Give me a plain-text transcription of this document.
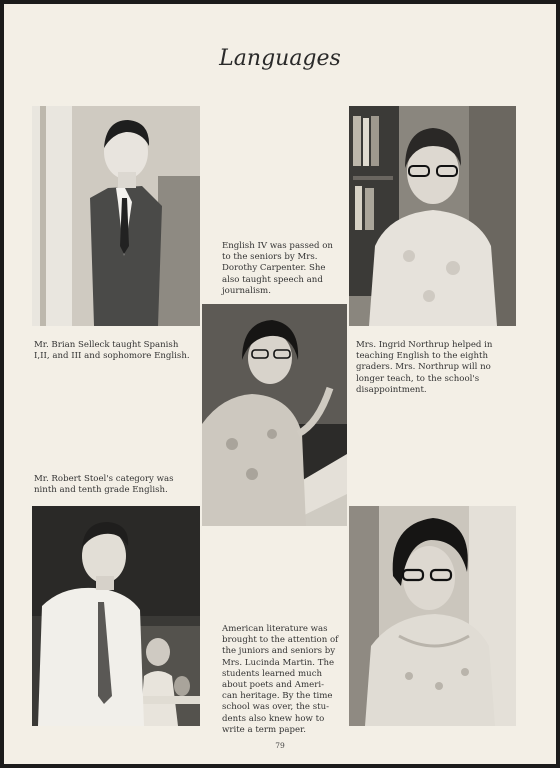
Languages

English IV was passed on
to the seniors by Mrs.
Dorothy Carpenter. She
also taught speech and
journalism.

Mr. Brian Selleck taught Spanish
I,II, and III and sophomore English.

Mrs. Ingrid Northrup helped in
teaching English to the eighth
graders. Mrs. Northrup will no
longer teach, to the school's
disappointment.

Mr. Robert Stoel's category was
ninth and tenth grade English.

American literature was
brought to the attention of
the juniors and seniors by
Mrs. Lucinda Martin. The
students learned much
about poets and Ameri-
can heritage. By the time
school was over, the stu-
dents also knew how to
write a term paper.

79
